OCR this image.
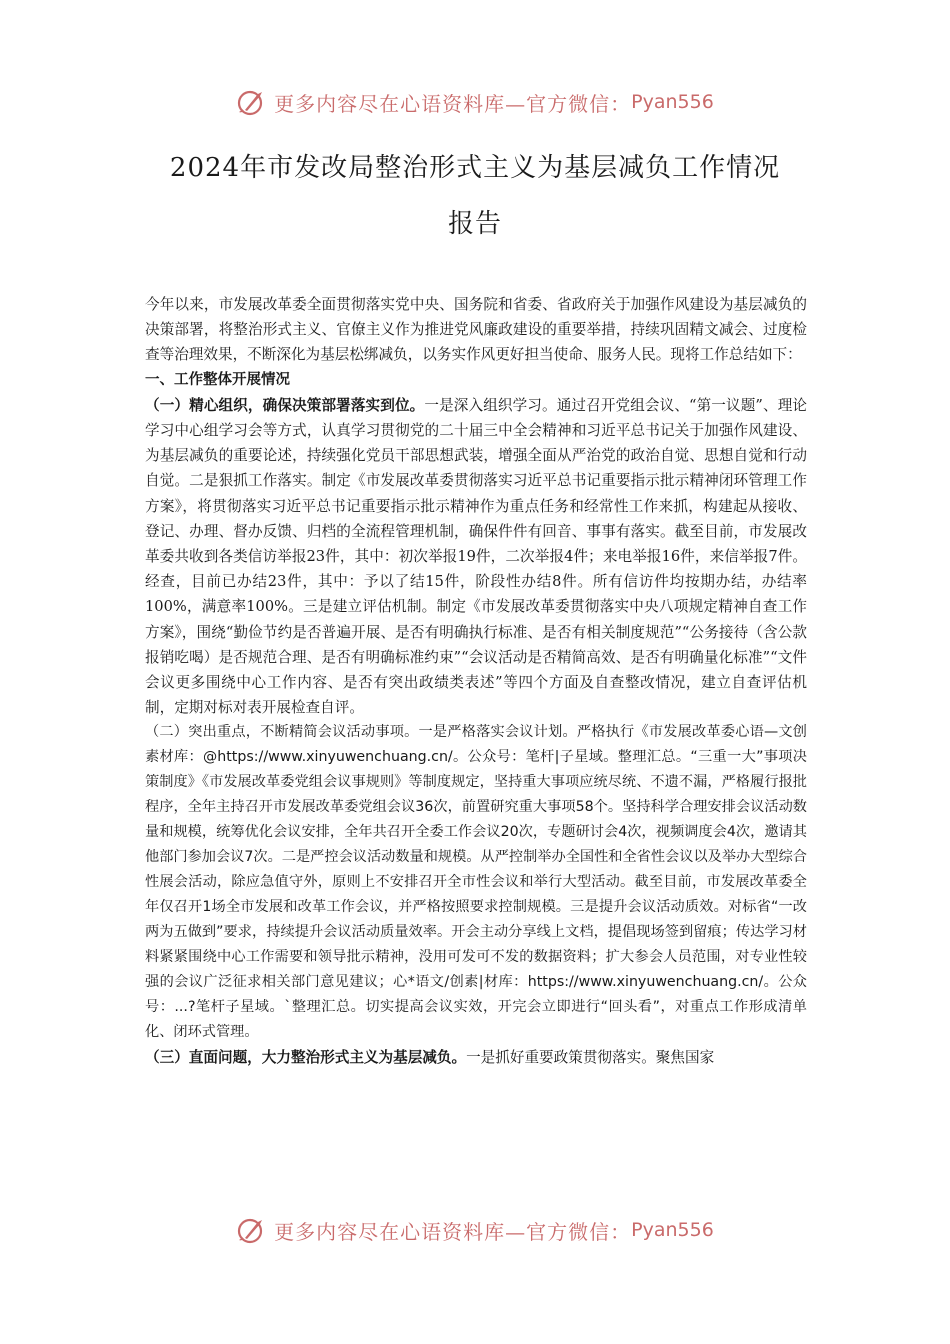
更多内容尽在心语资料库—官方微信： Pyan556
2024年市发改局整治形式主义为基层减负工作情况
报告

今年以来，市发展改革委全面贯彻落实党中央、国务院和省委、省政府关于加强作风建设为基层减负的决策部署，将整治形式主义、官僚主义作为推进党风廉政建设的重要举措，持续巩固精文减会、过度检查等治理效果，不断深化为基层松绑减负，以务实作风更好担当使命、服务人民。现将工作总结如下：

一、工作整体开展情况

（一）精心组织，确保决策部署落实到位。一是深入组织学习。通过召开党组会议、“第一议题”、理论学习中心组学习会等方式，认真学习贯彻党的二十届三中全会精神和习近平总书记关于加强作风建设、为基层减负的重要论述，持续强化党员干部思想武装，增强全面从严治党的政治自觉、思想自觉和行动自觉。二是狠抓工作落实。制定《市发展改革委贯彻落实习近平总书记重要指示批示精神闭环管理工作方案》，将贯彻落实习近平总书记重要指示批示精神作为重点任务和经常性工作来抓，构建起从接收、登记、办理、督办反馈、归档的全流程管理机制，确保件件有回音、事事有落实。截至目前，市发展改革委共收到各类信访举报23件，其中：初次举报19件，二次举报4件；来电举报16件，来信举报7件。经查，目前已办结23件，其中：予以了结15件，阶段性办结8件。所有信访件均按期办结，办结率100%，满意率100%。三是建立评估机制。制定《市发展改革委贯彻落实中央八项规定精神自查工作方案》，围绕“勤俭节约是否普遍开展、是否有明确执行标准、是否有相关制度规范”“公务接待（含公款报销吃喝）是否规范合理、是否有明确标准约束”“会议活动是否精简高效、是否有明确量化标准”“文件会议更多围绕中心工作内容、是否有突出政绩类表述”等四个方面及自查整改情况，建立自查评估机制，定期对标对表开展检查自评。

（二）突出重点，不断精简会议活动事项。一是严格落实会议计划。严格执行《市发展改革委心语—文创素材库：@https://www.xinyuwenchuang.cn/。公众号：笔杆|子星域。整理汇总。“三重一大”事项决策制度》《市发展改革委党组会议事规则》等制度规定，坚持重大事项应统尽统、不遗不漏，严格履行报批程序，全年主持召开市发展改革委党组会议36次，前置研究重大事项58个。坚持科学合理安排会议活动数量和规模，统筹优化会议安排，全年共召开全委工作会议20次，专题研讨会4次，视频调度会4次，邀请其他部门参加会议7次。二是严控会议活动数量和规模。从严控制举办全国性和全省性会议以及举办大型综合性展会活动，除应急值守外，原则上不安排召开全市性会议和举行大型活动。截至目前，市发展改革委全年仅召开1场全市发展和改革工作会议，并严格按照要求控制规模。三是提升会议活动质效。对标省“一改两为五做到”要求，持续提升会议活动质量效率。开会主动分享线上文档，提倡现场签到留痕；传达学习材料紧紧围绕中心工作需要和领导批示精神，没用可发可不发的数据资料；扩大参会人员范围，对专业性较强的会议广泛征求相关部门意见建议；心*语文/创素|材库：https://www.xinyuwenchuang.cn/。公众号：...?笔杆子星域。`整理汇总。切实提高会议实效，开完会立即进行“回头看”，对重点工作形成清单化、闭环式管理。

（三）直面问题，大力整治形式主义为基层减负。一是抓好重要政策贯彻落实。聚焦国家

更多内容尽在心语资料库—官方微信： Pyan556
